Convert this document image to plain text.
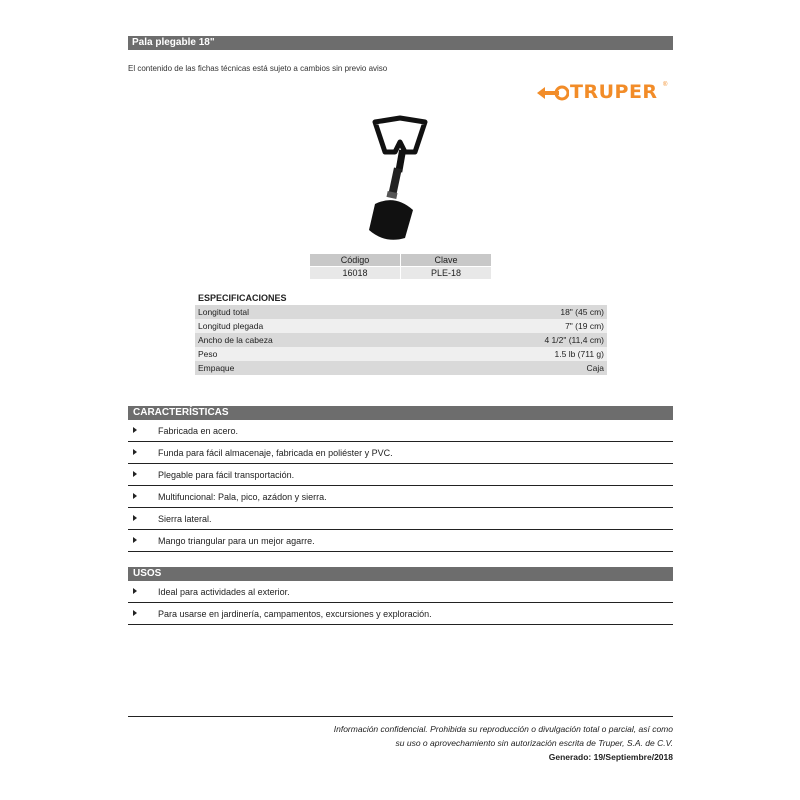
Pala plegable 18"
El contenido de las fichas técnicas está sujeto a cambios sin previo aviso
TRUPER ®
Código	Clave
16018	PLE-18
ESPECIFICACIONES	
Longitud total	18" (45 cm)
Longitud plegada	7" (19 cm)
Ancho de la cabeza	4 1/2" (11,4 cm)
Peso	1.5 lb (711 g)
Empaque	Caja
CARACTERÍSTICAS
Fabricada en acero.
Funda para fácil almacenaje, fabricada en poliéster y PVC.
Plegable para fácil transportación.
Multifuncional: Pala, pico, azádon y sierra.
Sierra lateral.
Mango triangular para un mejor agarre.
USOS
Ideal para actividades al exterior.
Para usarse en jardinería, campamentos, excursiones y exploración.
Información confidencial. Prohibida su reproducción o divulgación total o parcial, así como
su uso o aprovechamiento sin autorización escrita de Truper, S.A. de C.V.
Generado: 19/Septiembre/2018
